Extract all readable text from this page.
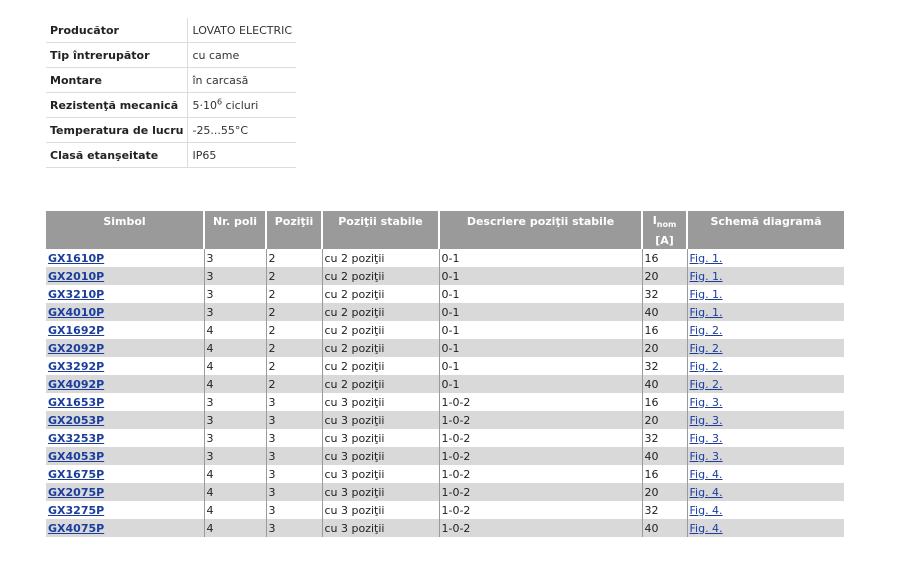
Producător	LOVATO ELECTRIC
Tip întrerupător	cu came
Montare	în carcasă
Rezistenţă mecanică	$5\cdot 10^6$ cicluri
Temperatura de lucru	-25...55°C
Clasă etanşeitate	IP65
Simbol	Nr. poli	Poziţii	Poziţii stabile	Descriere poziţii stabile	$I_{nom}$	Schemă diagramă
					[A]	
GX1610P	3	2	cu 2 poziţii	0-1	16	Fig. 1.
GX2010P	3	2	cu 2 poziţii	0-1	20	Fig. 1.
GX3210P	3	2	cu 2 poziţii	0-1	32	Fig. 1.
GX4010P	3	2	cu 2 poziţii	0-1	40	Fig. 1.
GX1692P	4	2	cu 2 poziţii	0-1	16	Fig. 2.
GX2092P	4	2	cu 2 poziţii	0-1	20	Fig. 2.
GX3292P	4	2	cu 2 poziţii	0-1	32	Fig. 2.
GX4092P	4	2	cu 2 poziţii	0-1	40	Fig. 2.
GX1653P	3	3	cu 3 poziţii	1-0-2	16	Fig. 3.
GX2053P	3	3	cu 3 poziţii	1-0-2	20	Fig. 3.
GX3253P	3	3	cu 3 poziţii	1-0-2	32	Fig. 3.
GX4053P	3	3	cu 3 poziţii	1-0-2	40	Fig. 3.
GX1675P	4	3	cu 3 poziţii	1-0-2	16	Fig. 4.
GX2075P	4	3	cu 3 poziţii	1-0-2	20	Fig. 4.
GX3275P	4	3	cu 3 poziţii	1-0-2	32	Fig. 4.
GX4075P	4	3	cu 3 poziţii	1-0-2	40	Fig. 4.
